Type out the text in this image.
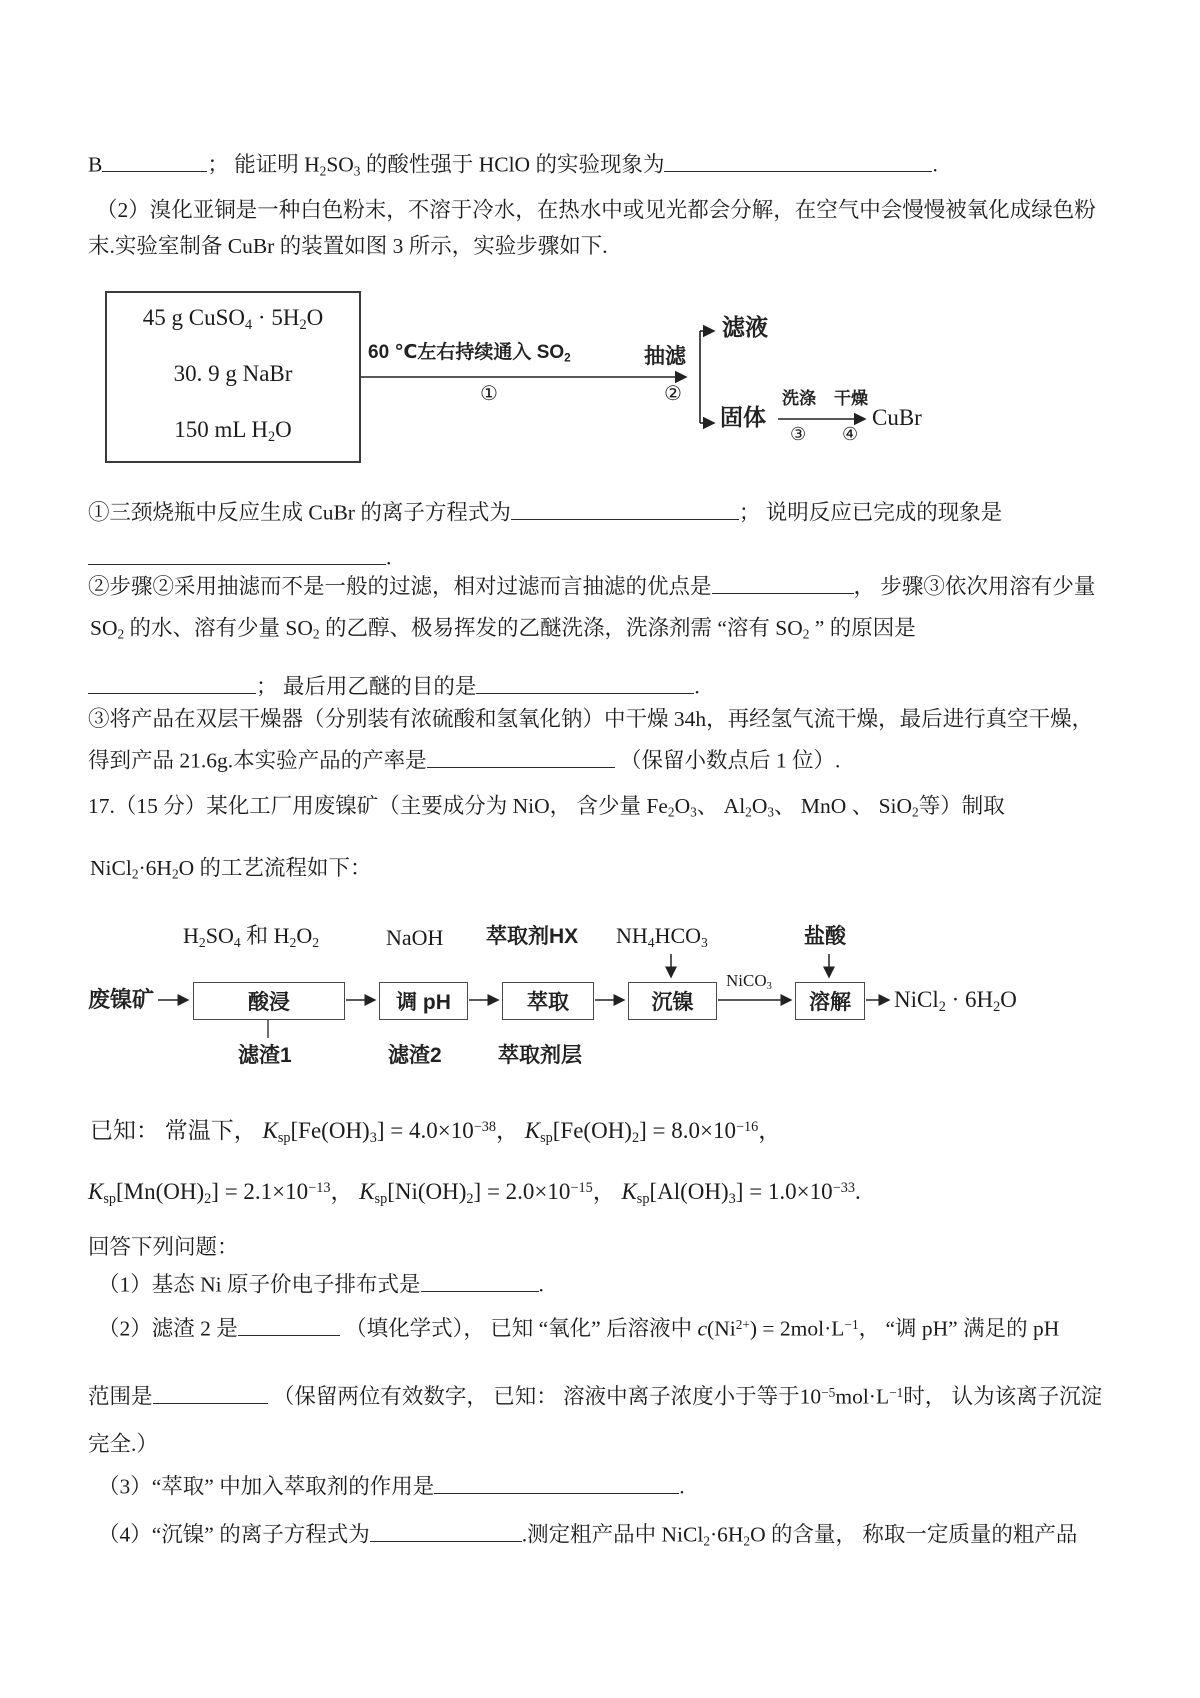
B	； 能证明 $H_2SO_3$ 的酸性强于 HClO 的实验现象为	.

（2）溴化亚铜是一种白色粉末，不溶于冷水，在热水中或见光都会分解，在空气中会慢慢被氧化成绿色粉

末.实验室制备 CuBr 的装置如图 3 所示，实验步骤如下.

45 g CuSO$_4$ · $5H_2O$

30. 9 g NaBr

150 mL $H_2O$

60 ℃左右持续通入 $SO_2$

①

抽滤

②

滤液

固体

洗涤 干燥

③ ④

CuBr

①三颈烧瓶中反应生成 CuBr 的离子方程式为	； 说明反应已完成的现象是

.

②步骤②采用抽滤而不是一般的过滤，相对过滤而言抽滤的优点是	， 步骤③依次用溶有少量

$SO_2$ 的水、溶有少量 $SO_2$ 的乙醇、极易挥发的乙醚洗涤，洗涤剂需 “溶有 $SO_2$ ” 的原因是

； 最后用乙醚的目的是	.

③将产品在双层干燥器（分别装有浓硫酸和氢氧化钠）中干燥 34h，再经氢气流干燥，最后进行真空干燥，

得到产品 21.6g.本实验产品的产率是	（保留小数点后 1 位）.

17.（15 分）某化工厂用废镍矿（主要成分为 NiO， 含少量 $Fe_2O_3$、 $Al_2O_3$、 MnO 、 SiO$_2$等）制取

$NiCl_2\cdot 6H_2O$ 的工艺流程如下：

$H_2SO_4$ 和 $H_2O_2$	NaOH 萃取剂HX $NH_4HCO_3$	盐酸

废镍矿	酸浸	调 pH	萃取	沉镍	溶解

NiCO$_3$

NiCl$_2$ · $6H_2O$

滤渣1	滤渣2	萃取剂层

已知： 常温下， $K_{sp}[Fe(OH)_3] = 4.0\times 10^{-38}$， $K_{sp}[Fe(OH)_2] = 8.0\times 10^{-16}$，

$K_{sp}[Mn(OH)_2] = 2.1\times 10^{-13}$， $K_{sp}[Ni(OH)_2] = 2.0\times 10^{-15}$， $K_{sp}[Al(OH)_3] = 1.0\times 10^{-33}$.

回答下列问题：

（1）基态 Ni 原子价电子排布式是	.

（2）滤渣 2 是	（填化学式）， 已知 “氧化” 后溶液中 $c(Ni^{2+}) = 2mol\cdot L^{-1}$， “调 pH” 满足的 pH

范围是	（保留两位有效数字， 已知： 溶液中离子浓度小于等于$10^{-5}mol\cdot L^{-1}$时， 认为该离子沉淀

完全.）

（3）“萃取” 中加入萃取剂的作用是	.

（4）“沉镍” 的离子方程式为	.测定粗产品中 $NiCl_2\cdot 6H_2O$ 的含量， 称取一定质量的粗产品
